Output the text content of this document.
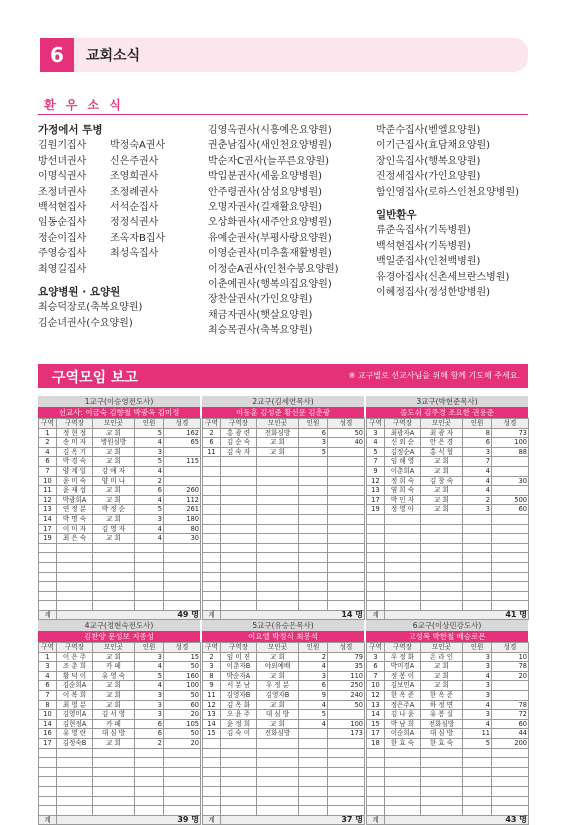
6	교회소식
환 우 소 식
가정에서 투병
김원기집사
방선녀권사
이명식권사
조정녀권사
백석현집사
임동순집사
정순이집사
주영승집사
최영길집사
박정숙A권사
신은주권사
조영희권사
조정례권사
서석순집사
정정식권사
조옥자B집사
최성옥집사
요양병원 · 요양원
최승덕장로(축복요양원)
김순녀권사(수요양원)
김영옥권사(시흥예은요양원)
권춘남집사(새인천요양병원)
박순자C권사(늘푸른요양원)
박입분권사(세움요양병원)
안주령권사(삼성요양병원)
오명자권사(길재활요양원)
오상화권사(새주안요양병원)
유예순권사(부평사랑요양원)
이영순권사(미추홀재활병원)
이정순A권사(인천수봉요양원)
이춘예권사(행복의집요양원)
장찬살권사(가인요양원)
채금자권사(햇살요양원)
최승목권사(축복요양원)
박준수집사(벧엘요양원)
이기근집사(효담채요양원)
장인옥집사(행복요양원)
진정세집사(가인요양원)
함인영집사(로하스인천요양병원)
일반환우
류준옥집사(기독병원)
백석현집사(기독병원)
백일준집사(인천백병원)
유경아집사(신촌세브란스병원)
이혜정집사(정성한방병원)
구역모임 보고	※ 교구별로 선교사님을 위해 함께 기도해 주세요.
1교구(이승영전도사)
선교사: 이금숙 김향철 박광옥 김미정
구역	구역장	모인곳	인원	성경
1	정 현 정	교 회	5	162
2	송 미 자	병원심방	4	65
4	김 옥 기	교 회	3	
6	박 경 숙	교 회	5	115
7	양 계 일	강 애 자	4	
10	윤 미 숙	양 미 나	2	
11	윤 재 섭	교 회	6	260
12	박광희A	교 회	4	112
13	연 정 분	박 정 순	5	261
14	박 명 숙	교 회	3	180
17	이 미 자	김 영 자	4	80
19	최 은 숙	교 회	4	30

계	49 명			
2교구(김세연목사)
이동훈 김성준 황선문 김춘광
구역	구역장	모인곳	인원	성경
2	홍 광 련	전화심방	6	50
6	김 순 숙	교 회	3	40
11	김 숙 자	교 회	5	

계	14 명			
3교구(박현준목사)
졸도쉬 김주경 조요한 권용준
구역	구역장	모인곳	인원	성경
3	최광자A	최 광 자	8	73
4	신 외 순	안 은 경	6	100
5	김정순A	홍 식 협	3	88
7	임 해 영	교 회	7	
9	이춘희A	교 회	4	
12	정 희 숙	김 창 숙	4	30
13	염 희 숙	교 회	4	
17	박 인 자	교 회	2	500
19	정 영 아	교 회	3	60

계	41 명			
4교구(정현숙전도사)
김찬양 문성보 지종성
구역	구역장	모인곳	인원	성경
1	이 은 주	교 회	3	15
3	조 춘 희	카 페	4	50
4	황 덕 이	유 영 숙	5	160
6	김순희A	교 회	4	100
7	이 복 희	교 회	3	50
8	최 영 분	교 회	3	60
10	김영미A	김 서 영	3	20
14	김현정A	카 페	6	105
16	유 영 란	대 심 방	6	50
17	김정숙B	교 회	2	20

계	39 명			
5교구(유승은목사)
이요엘 박정식 최봉석
구역	구역장	모인곳	인원	성경
2	임 미 진	교 회	2	79
3	이춘자B	야외예배	4	35
8	박순자A	교 회	3	110
9	서 분 남	우 정 분	6	250
11	김영자B	김영자B	9	240
12	김 옥 화	교 회	4	50
13	오 윤 주	대 심 방	5	
14	윤 정 희	교 회	4	100
15	김 숙 이	전화심방		173

계	37 명			
6교구(이상민강도사)
고성복 박한철 배승로몬
구역	구역장	모인곳	인원	성경
3	우 정 화	온 라 인	3	10
6	박미경A	교 회	3	78
7	정 봉 이	교 회	4	20
10	김보민A	교 회	3	
12	한 옥 준	한 옥 준	3	
13	정은주A	하 정 면	4	78
14	김 나 윤	유 봉 실	3	72
15	박 남 희	전화심방	4	60
17	이순희A	대 심 방	11	44
18	한 효 숙	한 효 숙	5	200

계	43 명			
